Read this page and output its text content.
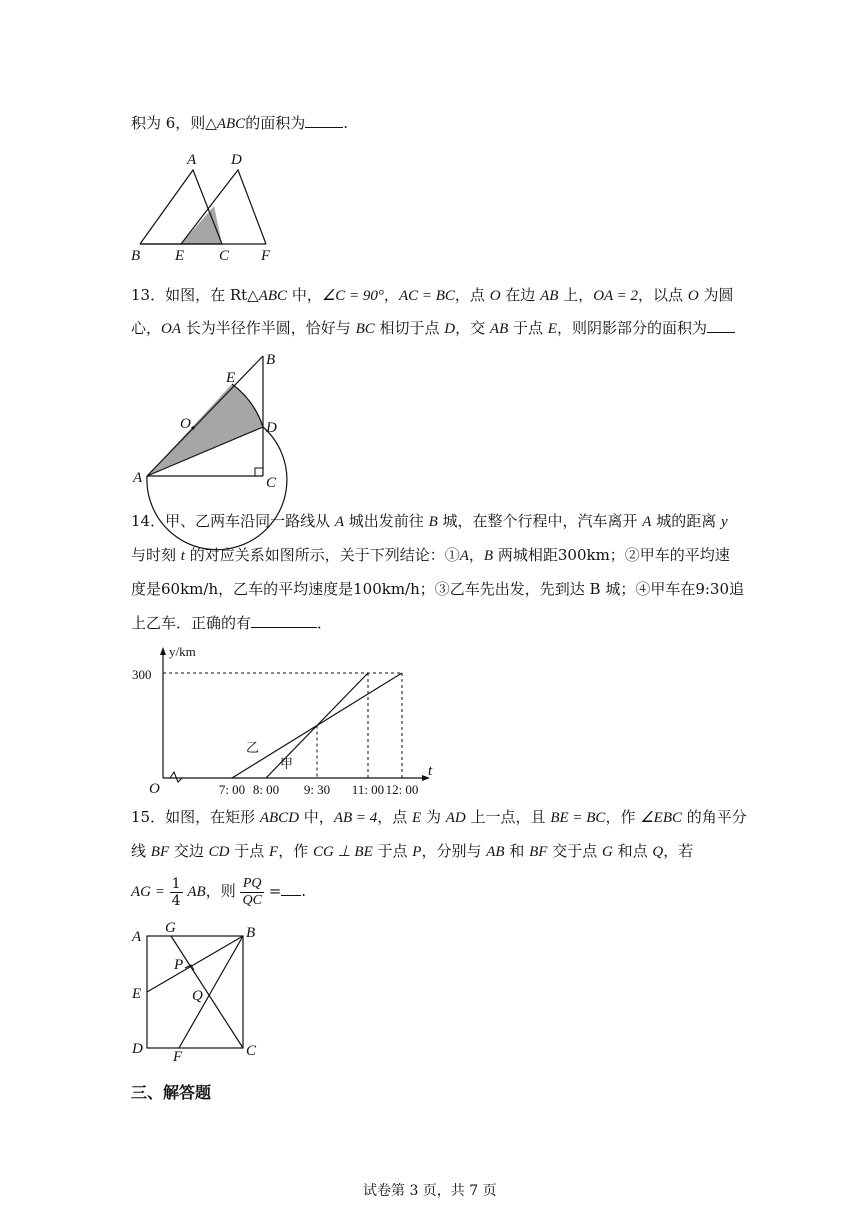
积为 6，则△ABC的面积为	.
A D
B E C F
13．如图，在 Rt△ABC 中，∠C = 90°，AC = BC，点 O 在边 AB 上，OA = 2，以点 O 为圆
心，OA 长为半径作半圆，恰好与 BC 相切于点 D，交 AB 于点 E，则阴影部分的面积为
B
E
O	D
A	C
14．甲、乙两车沿同一路线从 A 城出发前往 B 城，在整个行程中，汽车离开 A 城的距离 y
与时刻 t 的对应关系如图所示，关于下列结论：①A，B 两城相距300km；②甲车的平均速
度是60km/h，乙车的平均速度是100km/h；③乙车先出发，先到达 B 城；④甲车在9:30追
上乙车．正确的有	．
y/km
t
O
300
乙
甲
7: 00 8: 00 9: 30 11: 00 12: 00
15．如图，在矩形 ABCD 中，AB = 4，点 E 为 AD 上一点，且 BE = BC，作 ∠EBC 的角平分
线 BF 交边 CD 于点 F，作 CG ⊥ BE 于点 P，分别与 AB 和 BF 交于点 G 和点 Q，若
AG = $\frac{1}{4}$ AB，则 $\frac{PQ}{QC}$ = .
A
G	B
P
E	Q
D F	C
三、解答题
试卷第 3 页，共 7 页
